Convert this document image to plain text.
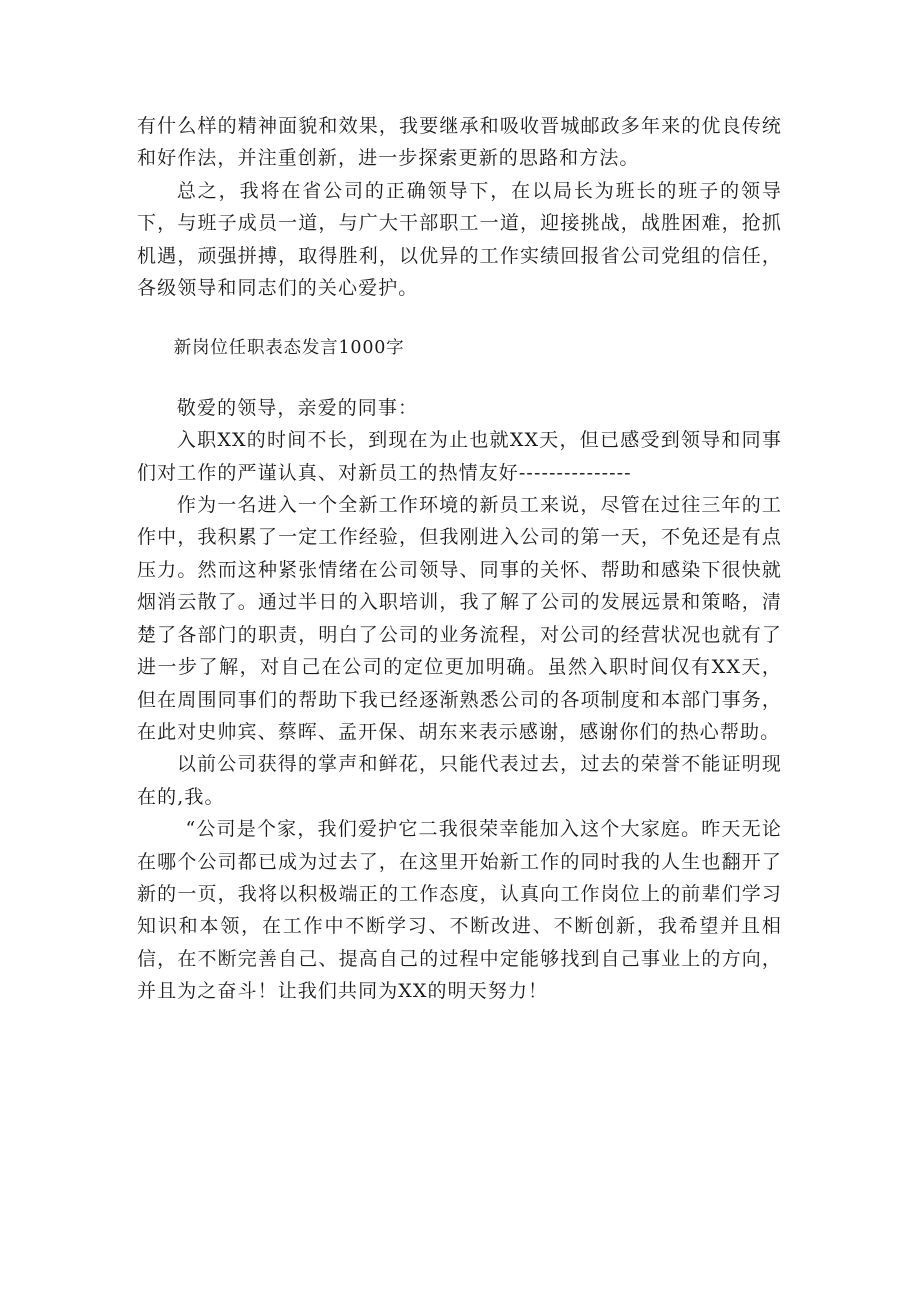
有什么样的精神面貌和效果，我要继承和吸收晋城邮政多年来的优良传统和好作法，并注重创新，进一步探索更新的思路和方法。

总之，我将在省公司的正确领导下，在以局长为班长的班子的领导下，与班子成员一道，与广大干部职工一道，迎接挑战，战胜困难，抢抓机遇，顽强拼搏，取得胜利，以优异的工作实绩回报省公司党组的信任，各级领导和同志们的关心爱护。

新岗位任职表态发言1000字

敬爱的领导，亲爱的同事：

入职XX的时间不长，到现在为止也就XX天，但已感受到领导和同事们对工作的严谨认真、对新员工的热情友好---------------

作为一名进入一个全新工作环境的新员工来说，尽管在过往三年的工作中，我积累了一定工作经验，但我刚进入公司的第一天，不免还是有点压力。然而这种紧张情绪在公司领导、同事的关怀、帮助和感染下很快就烟消云散了。通过半日的入职培训，我了解了公司的发展远景和策略，清楚了各部门的职责，明白了公司的业务流程，对公司的经营状况也就有了进一步了解，对自己在公司的定位更加明确。虽然入职时间仅有XX天，但在周围同事们的帮助下我已经逐渐熟悉公司的各项制度和本部门事务，在此对史帅宾、蔡晖、孟开保、胡东来表示感谢，感谢你们的热心帮助。

以前公司获得的掌声和鲜花，只能代表过去，过去的荣誉不能证明现在的,我。

“公司是个家，我们爱护它二我很荣幸能加入这个大家庭。昨天无论在哪个公司都已成为过去了，在这里开始新工作的同时我的人生也翻开了新的一页，我将以积极端正的工作态度，认真向工作岗位上的前辈们学习知识和本领，在工作中不断学习、不断改进、不断创新，我希望并且相信，在不断完善自己、提高自己的过程中定能够找到自己事业上的方向，并且为之奋斗！让我们共同为XX的明天努力！
